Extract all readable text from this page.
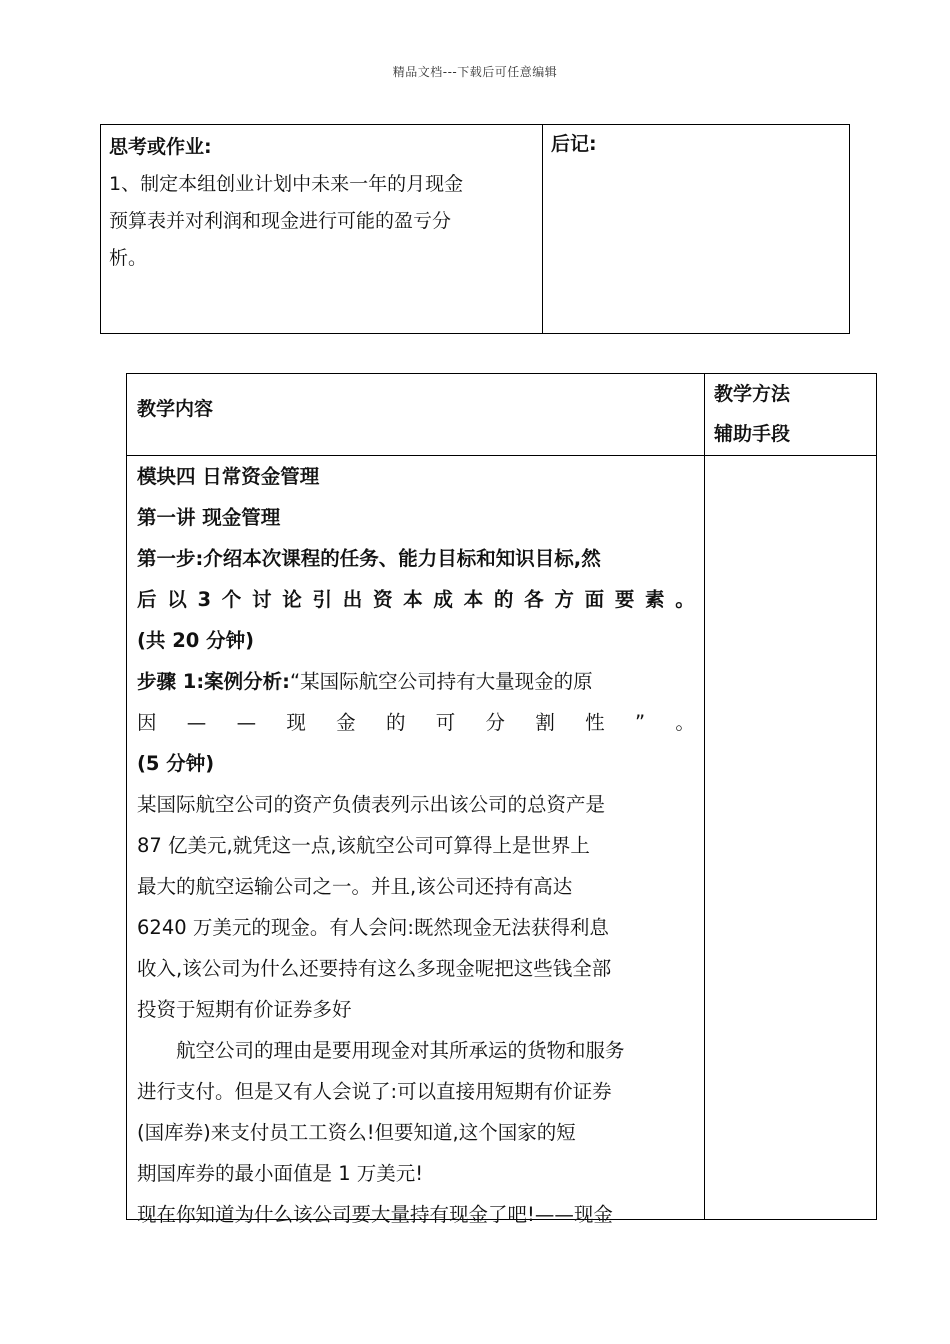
精品文档---下载后可任意编辑
思考或作业:
1、制定本组创业计划中未来一年的月现金
预算表并对利润和现金进行可能的盈亏分
析。
后记:
教学内容
教学方法
辅助手段

模块四 日常资金管理

第一讲 现金管理

第一步:介绍本次课程的任务、能力目标和知识目标,然

后 以 3 个 讨 论 引 出 资 本 成 本 的 各 方 面 要 素 。

(共 20 分钟)

步骤 1:案例分析:“某国际航空公司持有大量现金的原

因 — — 现 金 的 可 分 割 性 ” 。

(5 分钟)

某国际航空公司的资产负债表列示出该公司的总资产是

87 亿美元,就凭这一点,该航空公司可算得上是世界上

最大的航空运输公司之一。并且,该公司还持有高达

6240 万美元的现金。有人会问:既然现金无法获得利息

收入,该公司为什么还要持有这么多现金呢把这些钱全部

投资于短期有价证券多好

航空公司的理由是要用现金对其所承运的货物和服务

进行支付。但是又有人会说了:可以直接用短期有价证券

(国库券)来支付员工工资么!但要知道,这个国家的短

期国库券的最小面值是 1 万美元!

现在你知道为什么该公司要大量持有现金了吧!——现金
